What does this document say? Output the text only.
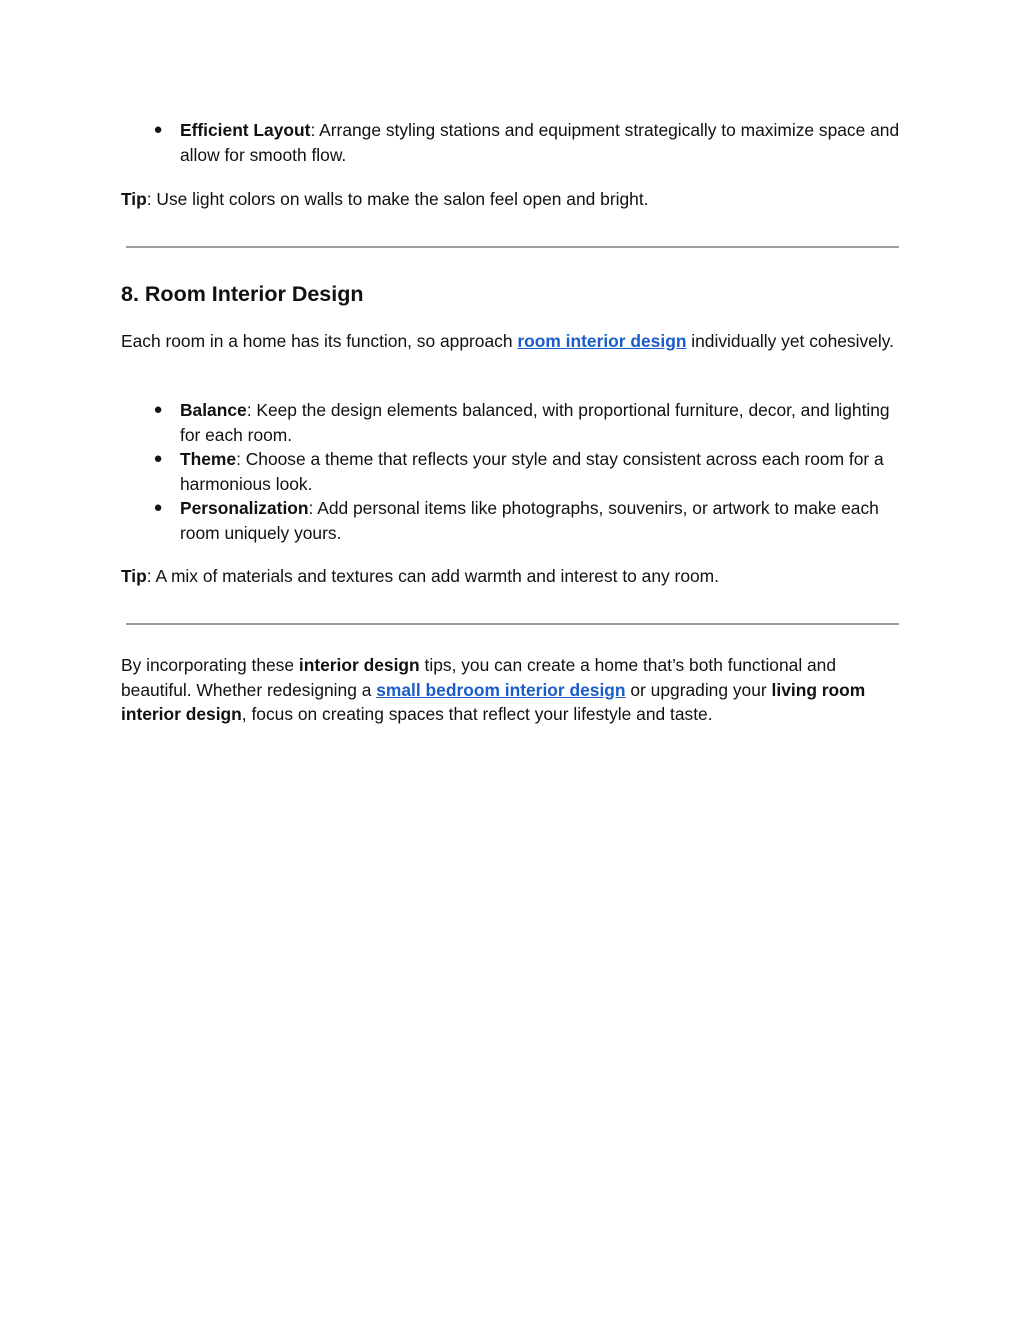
● Efficient Layout: Arrange styling stations and equipment strategically to maximize space and allow for smooth flow.

Tip: Use light colors on walls to make the salon feel open and bright.

8. Room Interior Design

Each room in a home has its function, so approach room interior design individually yet cohesively.

● Balance: Keep the design elements balanced, with proportional furniture, decor, and lighting for each room.
● Theme: Choose a theme that reflects your style and stay consistent across each room for a harmonious look.
● Personalization: Add personal items like photographs, souvenirs, or artwork to make each room uniquely yours.

Tip: A mix of materials and textures can add warmth and interest to any room.

By incorporating these interior design tips, you can create a home that’s both functional and beautiful. Whether redesigning a small bedroom interior design or upgrading your living room interior design, focus on creating spaces that reflect your lifestyle and taste.
